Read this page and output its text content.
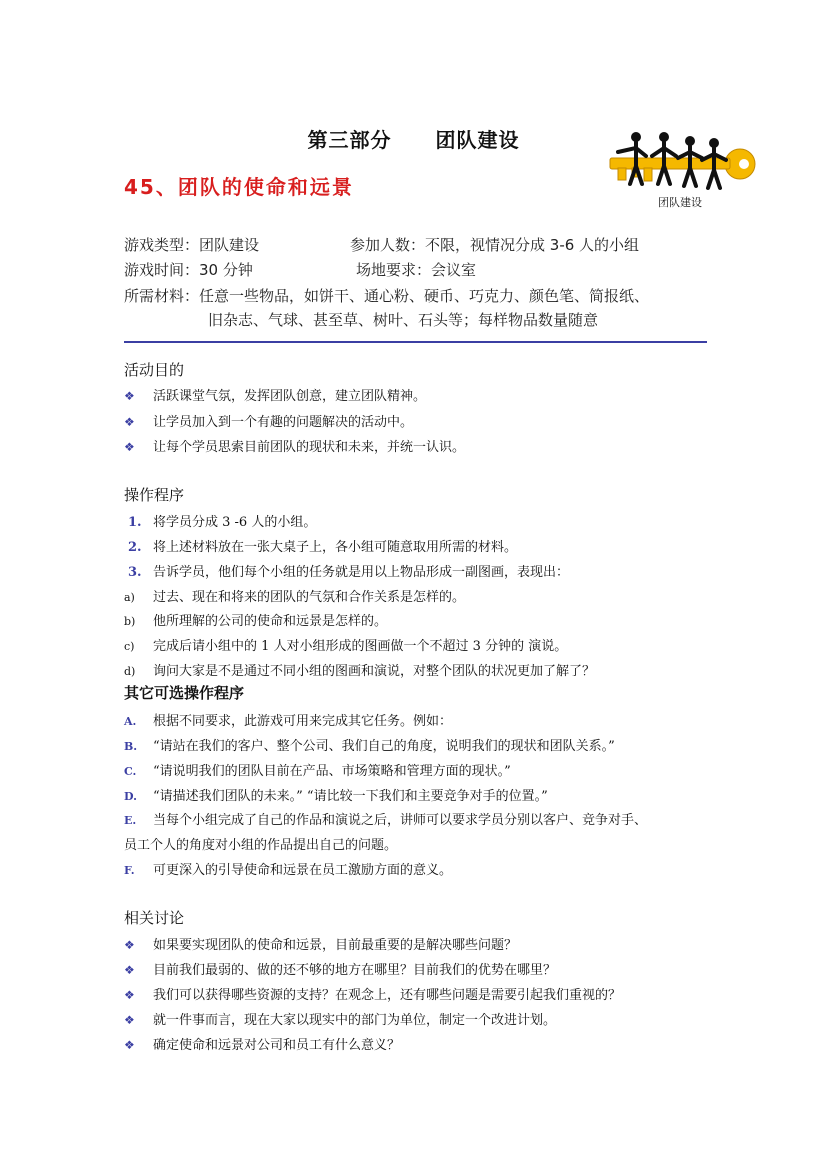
第三部分 团队建设
45、团队的使命和远景
团队建设
游戏类型：团队建设	参加人数：不限，视情况分成 3-6 人的小组
游戏时间：30 分钟	场地要求：会议室
所需材料：任意一些物品，如饼干、通心粉、硬币、巧克力、颜色笔、简报纸、
旧杂志、气球、甚至草、树叶、石头等；每样物品数量随意
活动目的
❖ 活跃课堂气氛，发挥团队创意，建立团队精神。
❖ 让学员加入到一个有趣的问题解决的活动中。
❖ 让每个学员思索目前团队的现状和未来，并统一认识。
操作程序
1. 将学员分成 3 -6 人的小组。
2. 将上述材料放在一张大桌子上，各小组可随意取用所需的材料。
3. 告诉学员，他们每个小组的任务就是用以上物品形成一副图画，表现出：
a) 过去、现在和将来的团队的气氛和合作关系是怎样的。
b) 他所理解的公司的使命和远景是怎样的。
c) 完成后请小组中的 1 人对小组形成的图画做一个不超过 3 分钟的 演说。
d) 询问大家是不是通过不同小组的图画和演说，对整个团队的状况更加了解了？
其它可选操作程序
A. 根据不同要求，此游戏可用来完成其它任务。例如：
B. “请站在我们的客户、整个公司、我们自己的角度，说明我们的现状和团队关系。”
C. “请说明我们的团队目前在产品、市场策略和管理方面的现状。”
D. “请描述我们团队的未来。” “请比较一下我们和主要竞争对手的位置。”
E. 当每个小组完成了自己的作品和演说之后，讲师可以要求学员分别以客户、竞争对手、
员工个人的角度对小组的作品提出自己的问题。
F. 可更深入的引导使命和远景在员工激励方面的意义。
相关讨论
❖ 如果要实现团队的使命和远景，目前最重要的是解决哪些问题？
❖ 目前我们最弱的、做的还不够的地方在哪里？目前我们的优势在哪里？
❖ 我们可以获得哪些资源的支持？在观念上，还有哪些问题是需要引起我们重视的？
❖ 就一件事而言，现在大家以现实中的部门为单位，制定一个改进计划。
❖ 确定使命和远景对公司和员工有什么意义？
